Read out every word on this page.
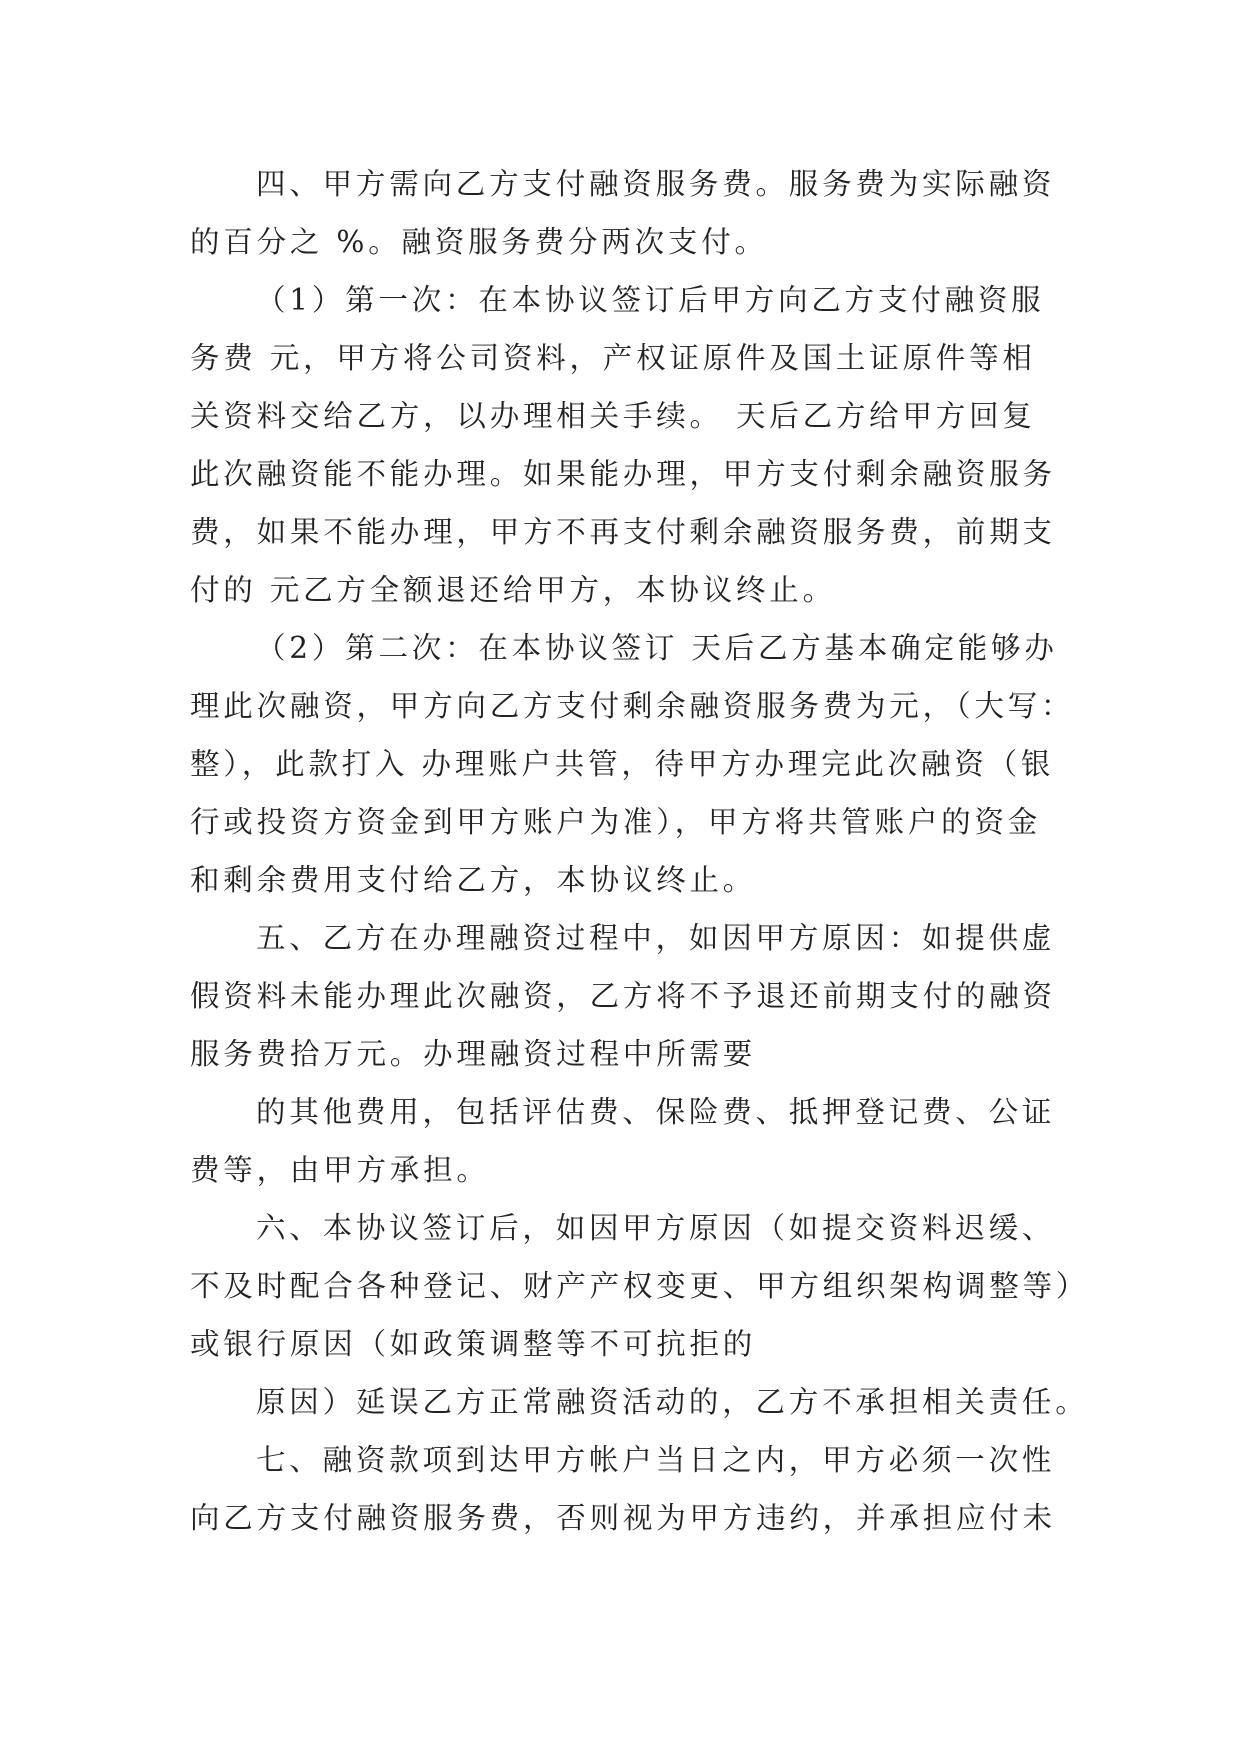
四、甲方需向乙方支付融资服务费。服务费为实际融资
的百分之 %。融资服务费分两次支付。
（1）第一次：在本协议签订后甲方向乙方支付融资服
务费 元，甲方将公司资料，产权证原件及国土证原件等相
关资料交给乙方，以办理相关手续。 天后乙方给甲方回复
此次融资能不能办理。如果能办理，甲方支付剩余融资服务
费，如果不能办理，甲方不再支付剩余融资服务费，前期支
付的 元乙方全额退还给甲方，本协议终止。
（2）第二次：在本协议签订 天后乙方基本确定能够办
理此次融资，甲方向乙方支付剩余融资服务费为元，（大写：
整），此款打入 办理账户共管，待甲方办理完此次融资（银
行或投资方资金到甲方账户为准），甲方将共管账户的资金
和剩余费用支付给乙方，本协议终止。
五、乙方在办理融资过程中，如因甲方原因：如提供虚
假资料未能办理此次融资，乙方将不予退还前期支付的融资
服务费拾万元。办理融资过程中所需要
的其他费用，包括评估费、保险费、抵押登记费、公证
费等，由甲方承担。
六、本协议签订后，如因甲方原因（如提交资料迟缓、
不及时配合各种登记、财产产权变更、甲方组织架构调整等）
或银行原因（如政策调整等不可抗拒的
原因）延误乙方正常融资活动的，乙方不承担相关责任。
七、融资款项到达甲方帐户当日之内，甲方必须一次性
向乙方支付融资服务费，否则视为甲方违约，并承担应付未
